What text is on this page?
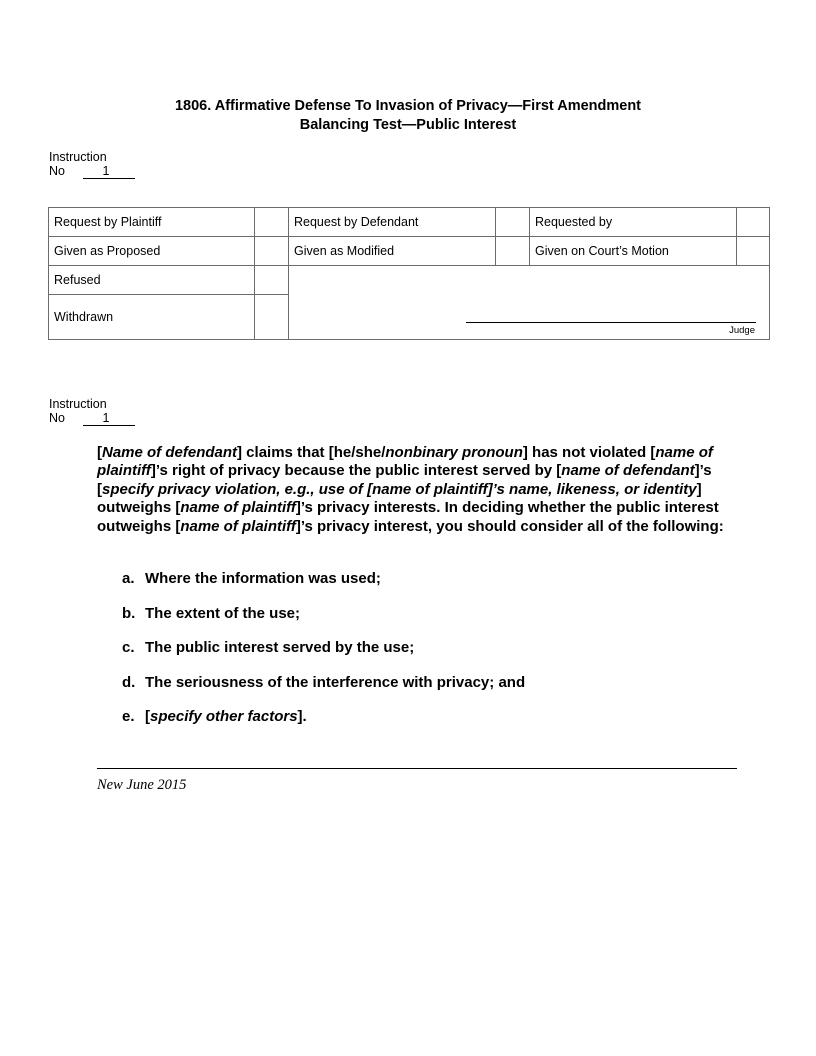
1806. Affirmative Defense To Invasion of Privacy—First Amendment
Balancing Test—Public Interest
Instruction
No	1
Request by Plaintiff		Request by Defendant		Requested by	
Given as Proposed		Given as Modified		Given on Court’s Motion	
Refused		Judge			

Withdrawn					
Instruction
No	1
[Name of defendant] claims that [he/she/nonbinary pronoun] has not violated [name of plaintiff]’s right of privacy because the public interest served by [name of defendant]’s [specify privacy violation, e.g., use of [name of plaintiff]’s name, likeness, or identity] outweighs [name of plaintiff]’s privacy interests. In deciding whether the public interest outweighs [name of plaintiff]’s privacy interest, you should consider all of the following:
a. Where the information was used;
b. The extent of the use;
c. The public interest served by the use;
d. The seriousness of the interference with privacy; and
e. [specify other factors].
New June 2015
